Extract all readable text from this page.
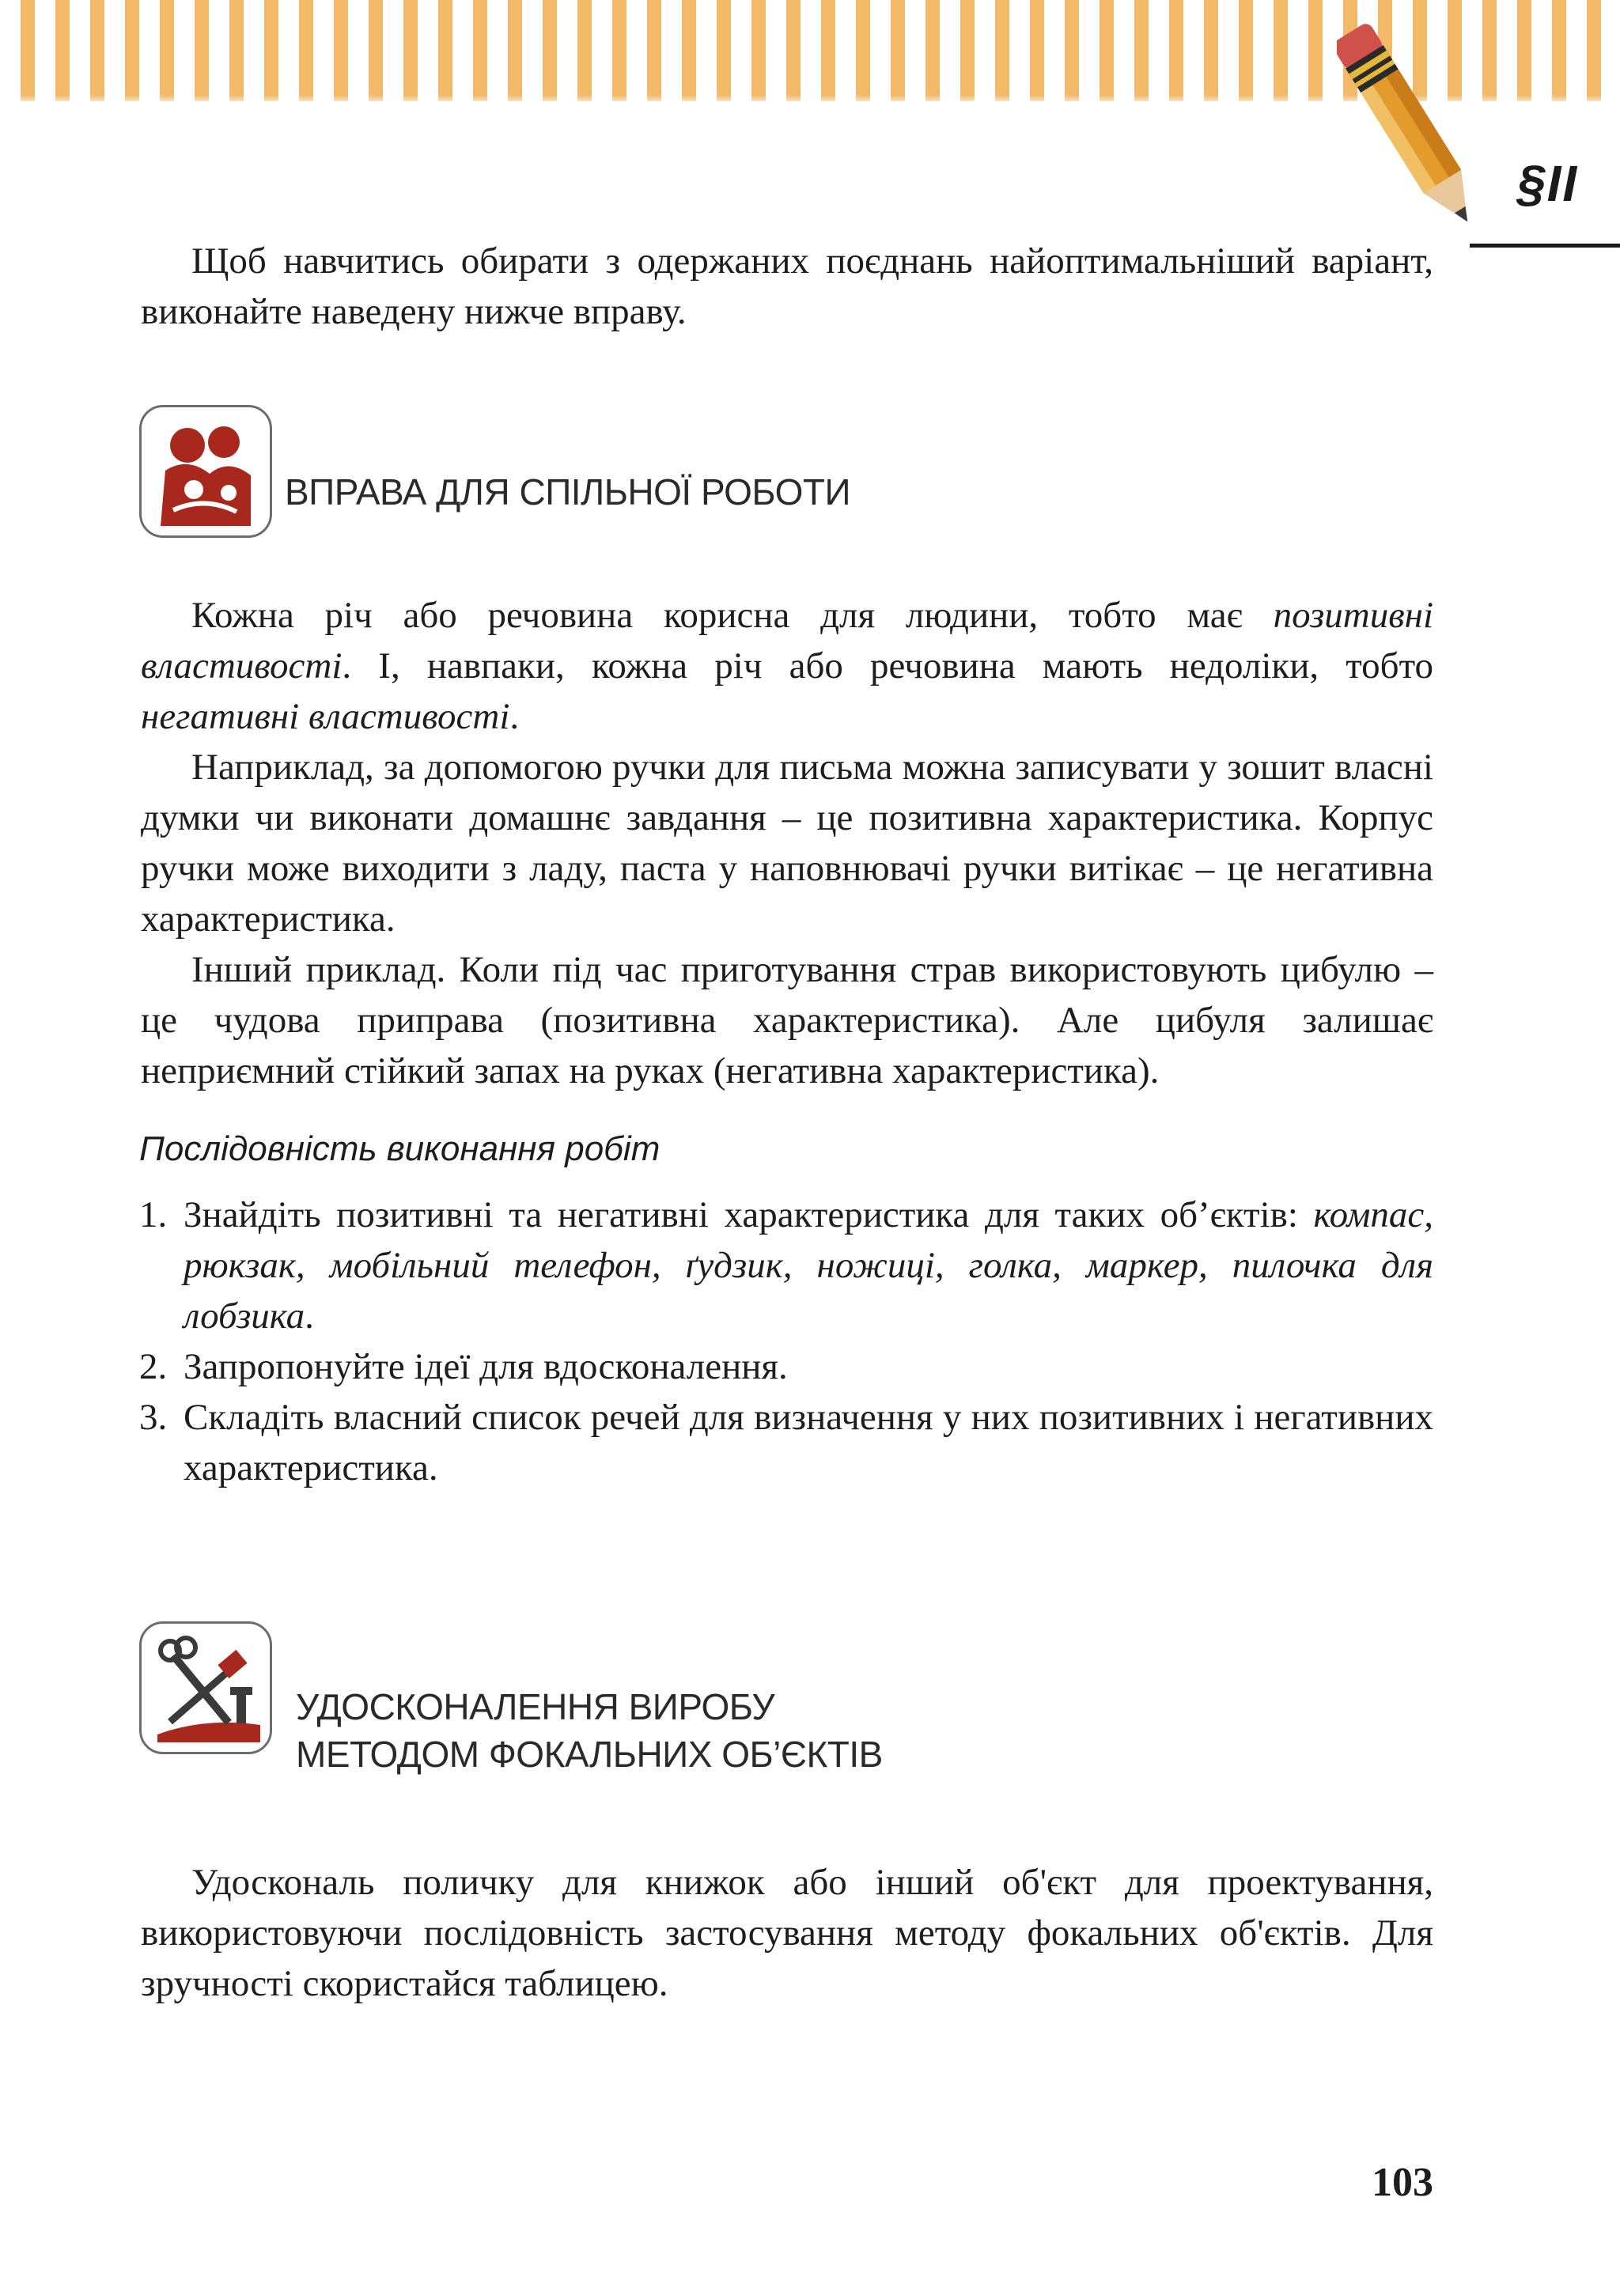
§ІІ

Щоб навчитись обирати з одержаних поєднань найоптимальніший варіант, виконайте наведену нижче вправу.

ВПРАВА ДЛЯ СПІЛЬНОЇ РОБОТИ

Кожна річ або речовина корисна для людини, тобто має позитивні властивості. І, навпаки, кожна річ або речовина мають недоліки, тобто негативні властивості.

Наприклад, за допомогою ручки для письма можна записувати у зошит власні думки чи виконати домашнє завдання – це позитивна характеристика. Корпус ручки може виходити з ладу, паста у наповнювачі ручки витікає – це негативна характеристика.

Інший приклад. Коли під час приготування страв використовують цибулю – це чудова приправа (позитивна характеристика). Але цибуля залишає неприємний стійкий запах на руках (негативна характеристика).

Послідовність виконання робіт
1. Знайдіть позитивні та негативні характеристика для таких об’єктів: компас, рюкзак, мобільний телефон, ґудзик, ножиці, голка, маркер, пилочка для лобзика.
2. Запропонуйте ідеї для вдосконалення.
3. Складіть власний список речей для визначення у них позитивних і негативних характеристика.
УДОСКОНАЛЕННЯ ВИРОБУ
МЕТОДОМ ФОКАЛЬНИХ ОБ’ЄКТІВ

Удоскональ поличку для книжок або інший об'єкт для проектування, використовуючи послідовність застосування методу фокальних об'єктів. Для зручності скористайся таблицею.

103
